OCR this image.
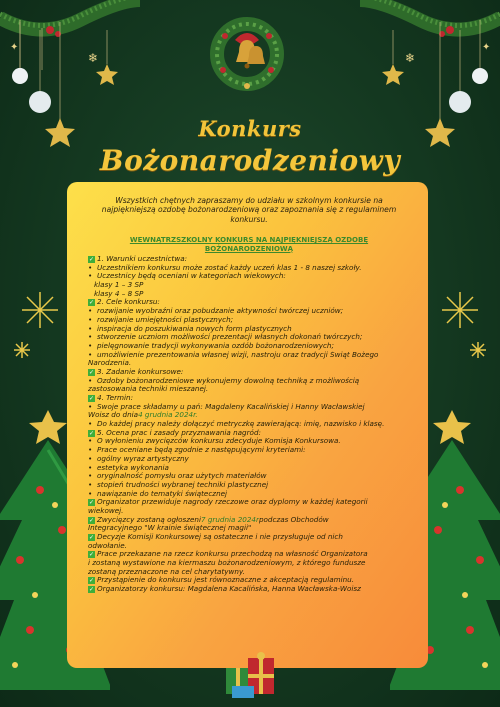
❄	❄
✦	✦
Konkurs
Bożonarodzeniowy
Wszystkich chętnych zapraszamy do udziału w szkolnym konkursie na najpiękniejszą ozdobę bożonarodzeniową oraz zapoznania się z regulaminem konkursu.
WEWNĄTRZSZKOLNY KONKURS NA NAJPIĘKNIEJSZĄ OZDOBĘ BOŻONARODZENIOWĄ
✓ 1. Warunki uczestnictwa:
•
Uczestnikiem konkursu może zostać każdy uczeń klas 1 - 8 naszej szkoły.
•
Uczestnicy będą oceniani w kategoriach wiekowych:
klasy 1 – 3 SP
klasy 4 – 8 SP
✓ 2. Cele konkursu:
•
rozwijanie wyobraźni oraz pobudzanie aktywności twórczej uczniów;
•
rozwijanie umiejętności plastycznych;
•
inspiracja do poszukiwania nowych form plastycznych
•
stworzenie uczniom możliwości prezentacji własnych dokonań twórczych;
•
pielęgnowanie tradycji wykonywania ozdób bożonarodzeniowych;
•
umożliwienie prezentowania własnej wizji, nastroju oraz tradycji Świąt Bożego
Narodzenia.
✓ 3. Zadanie konkursowe:
•
Ozdoby bożonarodzeniowe wykonujemy dowolną techniką z możliwością
zastosowania techniki mieszanej.
✓ 4. Termin:
•
Swoje prace składamy u pań: Magdaleny Kacalińskiej i Hanny Wacławskiej
Woisz do dnia 4 grudnia 2024r.
•
Do każdej pracy należy dołączyć metryczkę zawierającą: imię, nazwisko i klasę.
✓ 5. Ocena prac i zasady przyznawania nagród:
•
O wyłonieniu zwycięzców konkursu zdecyduje Komisja Konkursowa.
•
Prace oceniane będą zgodnie z następującymi kryteriami:
•
ogólny wyraz artystyczny
•
estetyka wykonania
•
oryginalność pomysłu oraz użytych materiałów
•
stopień trudności wybranej techniki plastycznej
•
nawiązanie do tematyki świątecznej
✓ Organizator przewiduje nagrody rzeczowe oraz dyplomy w każdej kategorii
wiekowej.
✓ Zwycięzcy zostaną ogłoszeni 7 grudnia 2024r podczas Obchodów
Integracyjnego "W krainie świątecznej magii"
✓ Decyzje Komisji Konkursowej są ostateczne i nie przysługuje od nich
odwołanie.
✓ Prace przekazane na rzecz konkursu przechodzą na własność Organizatora
i zostaną wystawione na kiermaszu bożonarodzeniowym, z którego fundusze
zostaną przeznaczone na cel charytatywny.
✓ Przystąpienie do konkursu jest równoznaczne z akceptacją regulaminu.
✓ Organizatorzy konkursu: Magdalena Kacalińska, Hanna Wacławska-Woisz
